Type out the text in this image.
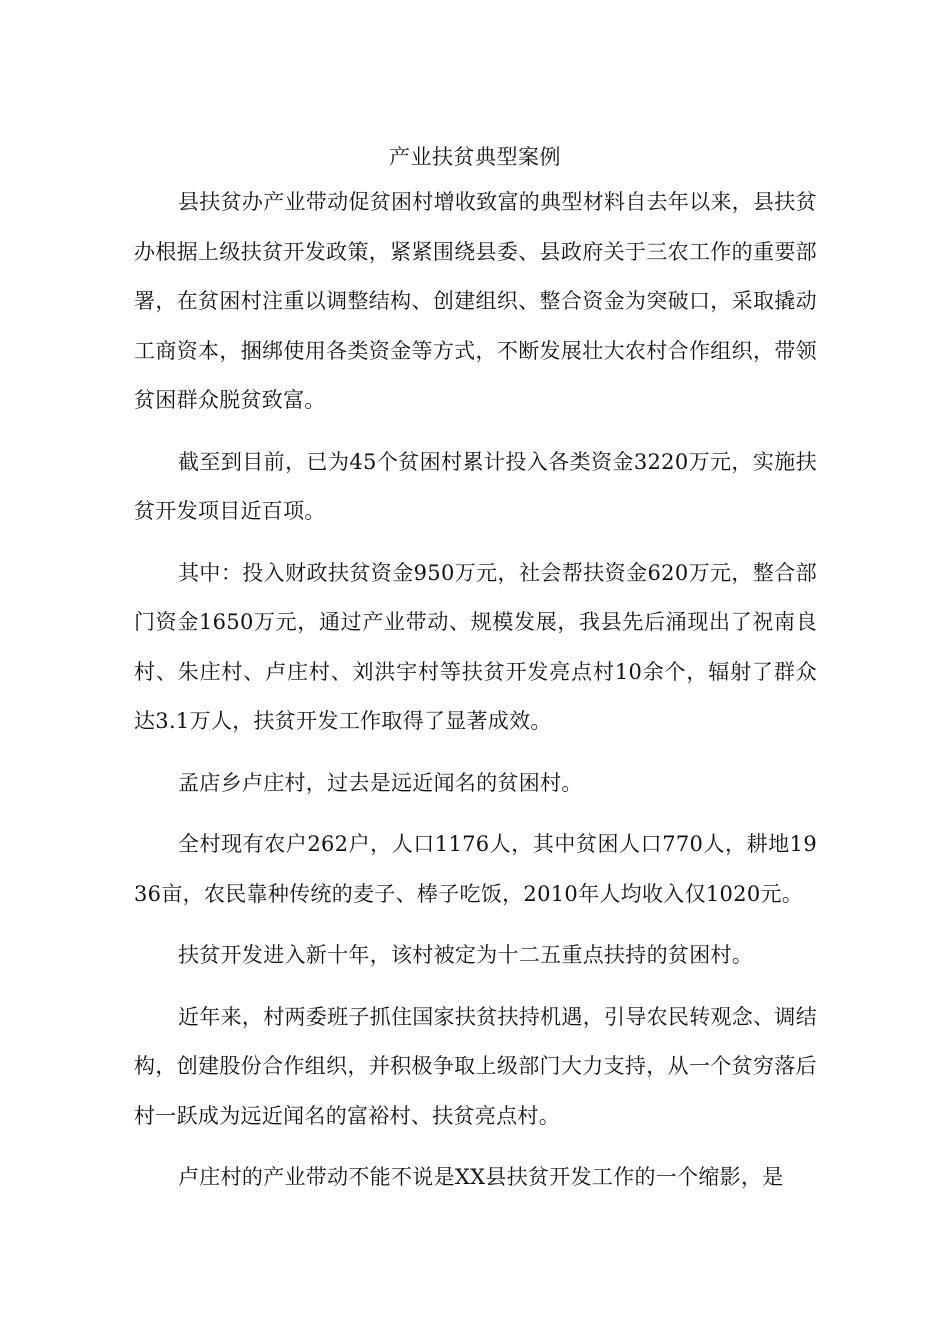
产业扶贫典型案例

县扶贫办产业带动促贫困村增收致富的典型材料自去年以来，县扶贫办根据上级扶贫开发政策，紧紧围绕县委、县政府关于三农工作的重要部署，在贫困村注重以调整结构、创建组织、整合资金为突破口，采取撬动工商资本，捆绑使用各类资金等方式，不断发展壮大农村合作组织，带领贫困群众脱贫致富。

截至到目前，已为45个贫困村累计投入各类资金3220万元，实施扶贫开发项目近百项。

其中：投入财政扶贫资金950万元，社会帮扶资金620万元，整合部门资金1650万元，通过产业带动、规模发展，我县先后涌现出了祝南良村、朱庄村、卢庄村、刘洪宇村等扶贫开发亮点村10余个，辐射了群众达3.1万人，扶贫开发工作取得了显著成效。

孟店乡卢庄村，过去是远近闻名的贫困村。

全村现有农户262户，人口1176人，其中贫困人口770人，耕地1936亩，农民靠种传统的麦子、棒子吃饭，2010年人均收入仅1020元。

扶贫开发进入新十年，该村被定为十二五重点扶持的贫困村。

近年来，村两委班子抓住国家扶贫扶持机遇，引导农民转观念、调结构，创建股份合作组织，并积极争取上级部门大力支持，从一个贫穷落后村一跃成为远近闻名的富裕村、扶贫亮点村。

卢庄村的产业带动不能不说是XX县扶贫开发工作的一个缩影，是
